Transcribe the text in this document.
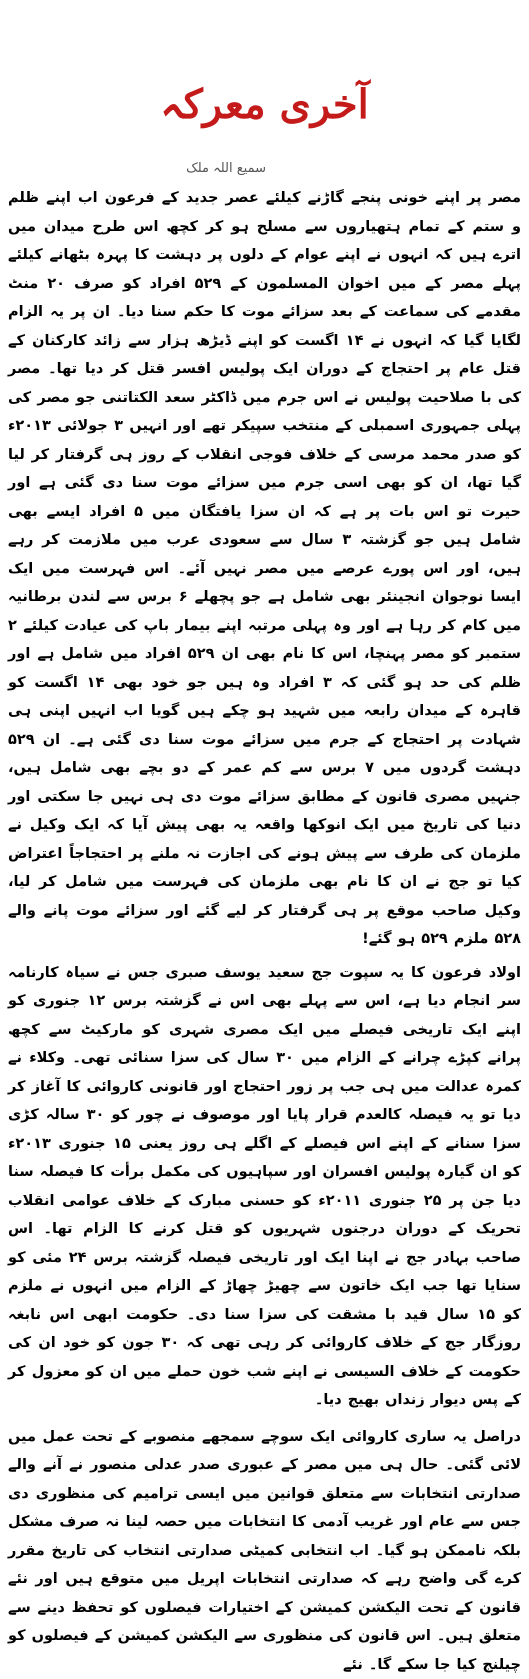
آخری معرکہ
سمیع اللہ ملک

مصر پر اپنے خونی پنجے گاڑنے کیلئے عصر جدید کے فرعون اب اپنے ظلم و ستم کے تمام ہتھیاروں سے مسلح ہو کر کچھ اس طرح میدان میں اترے ہیں کہ انہوں نے اپنے عوام کے دلوں پر دہشت کا پہرہ بٹھانے کیلئے پہلے مصر کے میں اخوان المسلمون کے ۵۲۹ افراد کو صرف ۲۰ منٹ مقدمے کی سماعت کے بعد سزائے موت کا حکم سنا دیا۔ ان پر یہ الزام لگایا گیا کہ انہوں نے ۱۴ اگست کو اپنے ڈیڑھ ہزار سے زائد کارکنان کے قتل عام پر احتجاج کے دوران ایک پولیس افسر قتل کر دیا تھا۔ مصر کی با صلاحیت پولیس نے اس جرم میں ڈاکٹر سعد الکتاتنی جو مصر کی پہلی جمہوری اسمبلی کے منتخب سپیکر تھے اور انہیں ۳ جولائی ۲۰۱۳ء کو صدر محمد مرسی کے خلاف فوجی انقلاب کے روز ہی گرفتار کر لیا گیا تھا، ان کو بھی اسی جرم میں سزائے موت سنا دی گئی ہے اور حیرت تو اس بات پر ہے کہ ان سزا یافتگان میں ۵ افراد ایسے بھی شامل ہیں جو گزشتہ ۳ سال سے سعودی عرب میں ملازمت کر رہے ہیں، اور اس پورے عرصے میں مصر نہیں آئے۔ اس فہرست میں ایک ایسا نوجوان انجینئر بھی شامل ہے جو پچھلے ۶ برس سے لندن برطانیہ میں کام کر رہا ہے اور وہ پہلی مرتبہ اپنے بیمار باپ کی عیادت کیلئے ۲ ستمبر کو مصر پہنچا، اس کا نام بھی ان ۵۲۹ افراد میں شامل ہے اور ظلم کی حد ہو گئی کہ ۳ افراد وہ ہیں جو خود بھی ۱۴ اگست کو قاہرہ کے میدان رابعہ میں شہید ہو چکے ہیں گویا اب انہیں اپنی ہی شہادت پر احتجاج کے جرم میں سزائے موت سنا دی گئی ہے۔ ان ۵۲۹ دہشت گردوں میں ۷ برس سے کم عمر کے دو بچے بھی شامل ہیں، جنہیں مصری قانون کے مطابق سزائے موت دی ہی نہیں جا سکتی اور دنیا کی تاریخ میں ایک انوکھا واقعہ یہ بھی پیش آیا کہ ایک وکیل نے ملزمان کی طرف سے پیش ہونے کی اجازت نہ ملنے پر احتجاجاً اعتراض کیا تو جج نے ان کا نام بھی ملزمان کی فہرست میں شامل کر لیا، وکیل صاحب موقع پر ہی گرفتار کر لیے گئے اور سزائے موت پانے والے ۵۲۸ ملزم ۵۲۹ ہو گئے!

اولاد فرعون کا یہ سپوت جج سعید یوسف صبری جس نے سیاہ کارنامہ سر انجام دیا ہے، اس سے پہلے بھی اس نے گزشتہ برس ۱۲ جنوری کو اپنے ایک تاریخی فیصلے میں ایک مصری شہری کو مارکیٹ سے کچھ پرانے کپڑے چرانے کے الزام میں ۳۰ سال کی سزا سنائی تھی۔ وکلاء نے کمرہ عدالت میں ہی جب پر زور احتجاج اور قانونی کاروائی کا آغاز کر دیا تو یہ فیصلہ کالعدم قرار پایا اور موصوف نے چور کو ۳۰ سالہ کڑی سزا سنانے کے اپنے اس فیصلے کے اگلے ہی روز یعنی ۱۵ جنوری ۲۰۱۳ء کو ان گیارہ پولیس افسران اور سپاہیوں کی مکمل برأت کا فیصلہ سنا دیا جن پر ۲۵ جنوری ۲۰۱۱ء کو حسنی مبارک کے خلاف عوامی انقلاب تحریک کے دوران درجنوں شہریوں کو قتل کرنے کا الزام تھا۔ اس صاحب بہادر جج نے اپنا ایک اور تاریخی فیصلہ گزشتہ برس ۲۴ مئی کو سنایا تھا جب ایک خاتون سے چھیڑ چھاڑ کے الزام میں انہوں نے ملزم کو ۱۵ سال قید با مشقت کی سزا سنا دی۔ حکومت ابھی اس نابغہ روزگار جج کے خلاف کاروائی کر رہی تھی کہ ۳۰ جون کو خود ان کی حکومت کے خلاف السیسی نے اپنے شب خون حملے میں ان کو معزول کر کے پس دیوار زنداں بھیج دیا۔

دراصل یہ ساری کاروائی ایک سوچے سمجھے منصوبے کے تحت عمل میں لائی گئی۔ حال ہی میں مصر کے عبوری صدر عدلی منصور نے آنے والے صدارتی انتخابات سے متعلق قوانین میں ایسی ترامیم کی منظوری دی جس سے عام اور غریب آدمی کا انتخابات میں حصہ لینا نہ صرف مشکل بلکہ ناممکن ہو گیا۔ اب انتخابی کمیٹی صدارتی انتخاب کی تاریخ مقرر کرے گی واضح رہے کہ صدارتی انتخابات اپریل میں متوقع ہیں اور نئے قانون کے تحت الیکشن کمیشن کے اختیارات فیصلوں کو تحفظ دینے سے متعلق ہیں۔ اس قانون کی منظوری سے الیکشن کمیشن کے فیصلوں کو چیلنج کیا جا سکے گا۔ نئے
